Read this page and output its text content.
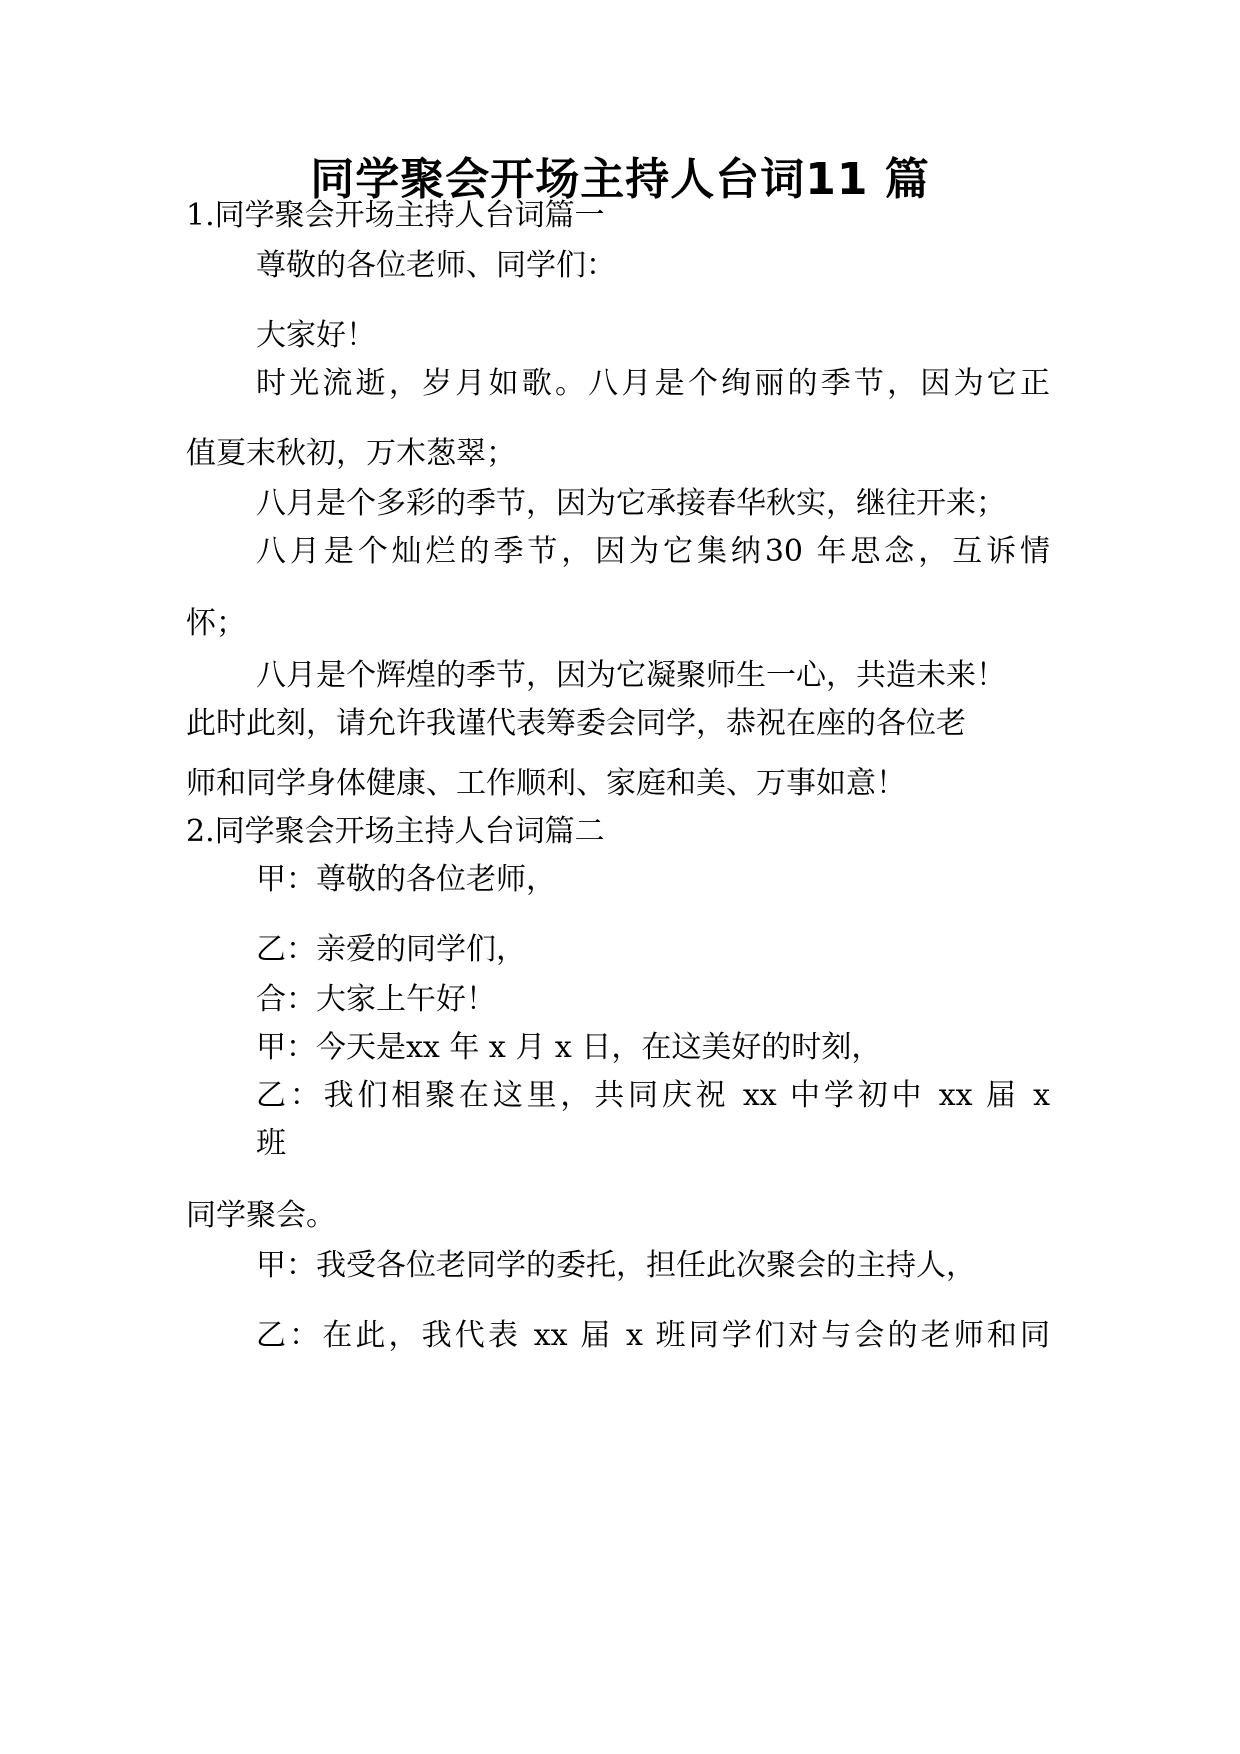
同学聚会开场主持人台词11 篇
1.同学聚会开场主持人台词篇一
尊敬的各位老师、同学们：
大家好！
时光流逝，岁月如歌。八月是个绚丽的季节，因为它正
值夏末秋初，万木葱翠；
八月是个多彩的季节，因为它承接春华秋实，继往开来；
八月是个灿烂的季节，因为它集纳30 年思念，互诉情
怀；
八月是个辉煌的季节，因为它凝聚师生一心，共造未来！
此时此刻，请允许我谨代表筹委会同学，恭祝在座的各位老
师和同学身体健康、工作顺利、家庭和美、万事如意！
2.同学聚会开场主持人台词篇二
甲：尊敬的各位老师，
乙：亲爱的同学们，
合：大家上午好！
甲：今天是xx 年 x 月 x 日，在这美好的时刻，
乙：我们相聚在这里，共同庆祝 xx 中学初中 xx 届 x
班
同学聚会。
甲：我受各位老同学的委托，担任此次聚会的主持人，
乙：在此，我代表 xx 届 x 班同学们对与会的老师和同
